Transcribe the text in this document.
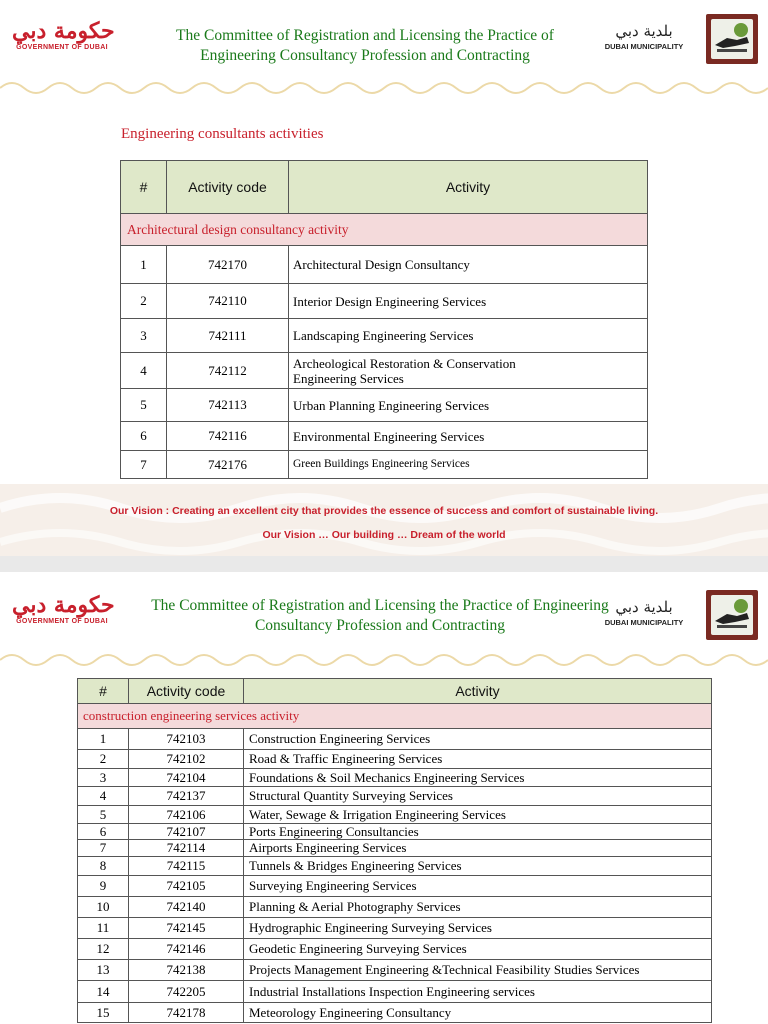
حكومة دبي
GOVERNMENT OF DUBAI
The Committee of Registration and Licensing the Practice of
Engineering Consultancy Profession and Contracting
بلدية دبي
DUBAI MUNICIPALITY
Engineering consultants activities
#	Activity code	Activity
Architectural design consultancy activity		
1	742170	Architectural Design Consultancy
2	742110	Interior Design Engineering Services
3	742111	Landscaping Engineering Services
4	742112	Archeological Restoration & Conservation Engineering Services
5	742113	Urban Planning Engineering Services
6	742116	Environmental Engineering Services
7	742176	Green Buildings Engineering Services
Our Vision : Creating an excellent city that provides the essence of success and comfort of sustainable living.
Our Vision … Our building … Dream of the world
حكومة دبي
GOVERNMENT OF DUBAI
The Committee of Registration and Licensing the Practice of Engineering
Consultancy Profession and Contracting
بلدية دبي
DUBAI MUNICIPALITY
#	Activity code	Activity
construction engineering services activity		
1	742103	Construction Engineering Services
2	742102	Road & Traffic Engineering Services
3	742104	Foundations & Soil Mechanics Engineering Services
4	742137	Structural Quantity Surveying Services
5	742106	Water, Sewage & Irrigation Engineering Services
6	742107	Ports Engineering Consultancies
7	742114	Airports Engineering Services
8	742115	Tunnels & Bridges Engineering Services
9	742105	Surveying Engineering Services
10	742140	Planning & Aerial Photography Services
11	742145	Hydrographic Engineering Surveying Services
12	742146	Geodetic Engineering Surveying Services
13	742138	Projects Management Engineering &Technical Feasibility Studies Services
14	742205	Industrial Installations Inspection Engineering services
15	742178	Meteorology Engineering Consultancy
